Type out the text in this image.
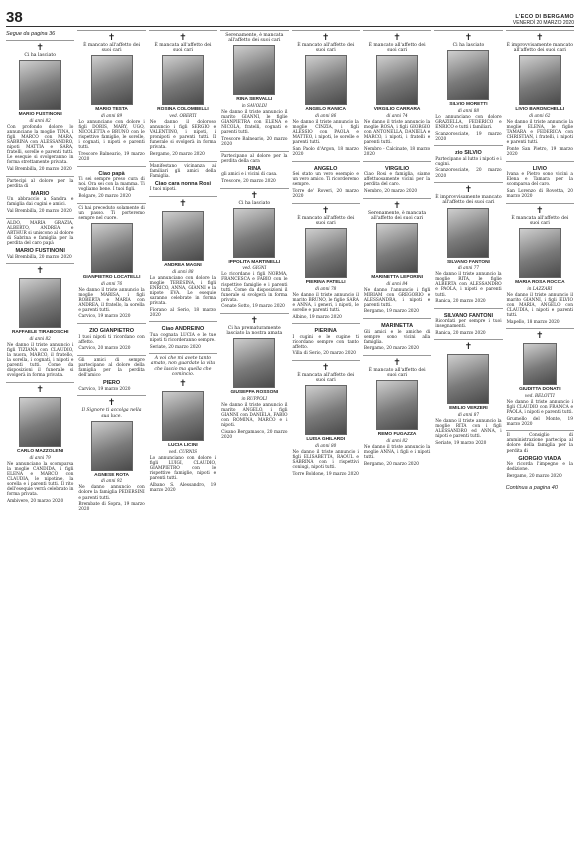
38	L'ECO DI BERGAMO
VENERDÌ 20 MARZO 2020
Segue da pagina 36
✝
Ci ha lasciato
MARIO FUSTINONI
di anni 82

Con profondo dolore lo annunciano la moglie TINA, i figli MARCO con MARA, SABRINA con ALESSANDRO, nipoti MATTIA e SARA, fratelli, sorelle e parenti tutti. Le esequie si svolgeranno in forma strettamente privata.

Val Brembilla, 20 marzo 2020

Partecipi al dolore per la perdita di

MARIO

Un abbraccio a Sandra e famiglia dai cugini e amici.

Val Brembilla, 20 marzo 2020

ALDO, MARIA GRAZIA, ALBERTO, ANDREA e ARTHUR si uniscono al dolore di Sabrina e famiglia per la perdita del caro papà

MARIO FUSTINONI

Val Brembilla, 20 marzo 2020

✝
RAFFAELE TIRABOSCHI
di anni 82

Ne danno il triste annuncio i figli TIZIANA con CLAUDIO, la nuora, MARCO, il fratello, la sorella, i cognati, i nipoti e parenti tutti. Come da disposizioni il funerale si svolgerà in forma privata.

✝
CARLO MAZZOLENI
di anni 79

Ne annunciano la scomparsa la moglie CANDIDA, i figli ELENA e MARCO con CLAUDIA, le nipotine, la sorella e i parenti tutti. Il rito dell'esequie verrà celebrato in forma privata.

Ambivere, 20 marzo 2020

✝
È mancato all'affetto dei suoi cari
MARIO TESTA
di anni 89

Lo annunciano con dolore i figli DORIS, MARY, UGO, NICOLETTA e BRUNO con le rispettive famiglie, le sorelle, i cognati, i nipoti e parenti tutti.

Trescore Balneario, 19 marzo 2020

Ciao papà

Ti sei sempre preso cura di noi. Ora sei con la mamma. Ti vogliamo bene. I tuoi figli.

Bolgare, 20 marzo 2020

Ci hai preceduto solamente di un passo. Ti porteremo sempre nel cuore.

GIANPIETRO LOCATELLI
di anni 76

Ne danno il triste annuncio la moglie MARISA, i figli ROBERTA e MARIA con ANDREA, il fratello, la sorella e parenti tutti.

Carvico, 19 marzo 2020

ZIO GIANPIETRO

I tuoi nipoti ti ricordano con affetto.

Carvico, 20 marzo 2020

Gli amici di sempre partecipano al dolore della famiglia per la perdita dell'amico

PIERO

Carvico, 19 marzo 2020

✝
Il Signore ti accolga nella sua luce.
AGNESE ROTA
di anni 92

Ne danno annuncio con dolore la famiglia PEDERSINI e parenti tutti.

Brembate di Sopra, 19 marzo 2020

✝
È mancata all'affetto dei suoi cari
ROSINA COLOMBELLI
ved. OBERTI

Ne danno il doloroso annuncio i figli SERGIO e VALENTINO, i nipoti, i pronipoti e parenti tutti. Il funerale si svolgerà in forma privata.

Bergamo, 20 marzo 2020

Manifestano vicinanza ai familiari gli amici della Famiglia.

Ciao cara nonna Rosi

I tuoi nipoti.

✝
ANDREA MAGNI
di anni 88

Lo annunciano con dolore la moglie TERESINA, i figli ENRICO, ANNA, GIANNI e la nipote EVA. Le esequie saranno celebrate in forma privata.

Fiorano al Serio, 18 marzo 2020

Ciao ANDREINO

Tua cognata LUCIA e le tue nipoti ti ricorderanno sempre.

Seriate, 20 marzo 2020

A voi che mi avete tanto amato, non guardate la vita che lascio ma quella che comincio.
✝
LUCIA LICINI
ved. CURNIS

Lo annunciano con dolore i figli LUIGI, CLAUDIO, GIAMPIETRO con le rispettive famiglie, nipoti e parenti tutti.

Albano S. Alessandro, 19 marzo 2020

Serenamente, è mancata all'affetto dei suoi cari
RINA SERVALLI
in SAVOLDI

Ne danno il triste annuncio il marito GIANNI, le figlie GIANPIETRA con ELENA e NICOLA, fratelli, cognati e parenti tutti.

Trescore Balneario, 20 marzo 2020

Partecipano al dolore per la perdita della cara

RINA

gli amici e i vicini di casa.

Trescore, 20 marzo 2020

✝
Ci ha lasciato
IPPOLITA MARTINELLI
ved. GIGNI

Lo ricordano i figli NORMA, FRANCESCA e FABIO con le rispettive famiglie e i parenti tutti. Come da disposizioni il funerale si svolgerà in forma privata.

Cenate Sotto, 19 marzo 2020

✝
Ci ha prematuramente lasciato la nostra amata
GIUSEPPA ROSSONI
in RUPPOLI

Ne danno il triste annuncio il marito ANGELO, i figli GIANNI con DANIELA, FABIO con ROMINA, MARCO e i nipoti.

Cisano Bergamasco, 20 marzo 2020

✝
È mancato all'affetto dei suoi cari
ANGELO RANICA
di anni 86

Ne danno il triste annuncio la moglie CINZIA, i figli ALESSIO con PAOLA e MATTEO, i nipoti, le sorelle e parenti tutti.

San Paolo d'Argon, 18 marzo 2020

ANGELO

Sei stato un vero esempio e un vero amico. Ti ricorderemo sempre.

Torre de' Roveri, 20 marzo 2020

✝
È mancato all'affetto dei suoi cari
PIERINA PATELLI
di anni 78

Ne danno il triste annuncio il marito BRUNO, le figlie SARA e ANNA, i generi, i nipoti, le sorelle e parenti tutti.

Albino, 19 marzo 2020

PIERINA

I cugini e le cugine ti ricordano sempre con tanto affetto.

Villa di Serio, 20 marzo 2020

✝
È mancata all'affetto dei suoi cari
LUISA GHILARDI
di anni 80

Ne danno il triste annuncio i figli ELISABETTA, RAOUL e SABRINA con i rispettivi coniugi, nipoti tutti.

Torre Boldone, 19 marzo 2020

✝
È mancato all'affetto dei suoi cari
VIRGILIO CARRARA
di anni 74

Ne danno il triste annuncio la moglie ROSA, i figli GIORGIO con ANTONELLA, DANIELA e MARCO, i nipoti, i fratelli e parenti tutti.

Nembro - Calcinate, 18 marzo 2020

VIRGILIO

Ciao Rosi e famiglia, siamo affettuosamente vicini per la perdita del caro.

Nembro, 20 marzo 2020

✝
Serenamente, è mancata all'affetto dei suoi cari
MARINETTA LEPORINI
di anni 84

Ne danno l'annuncio i figli MIRIAM con GREGORIO e ALESSANDRA, i nipoti e parenti tutti.

Bergamo, 19 marzo 2020

MARINETTA

Gli amici e le amiche di sempre sono vicini alla famiglia.

Bergamo, 20 marzo 2020

✝
È mancato all'affetto dei suoi cari
REMO FUGAZZA
di anni 82

Ne danno il triste annuncio la moglie ANNA, i figli e i nipoti tutti.

Bergamo, 20 marzo 2020

✝
Ci ha lasciato
SILVIO MORETTI
di anni 88

Lo annunciano con dolore GRAZIELLA, FEDERICO e ENRICO e tutti i familiari.

Scanzorosciate, 19 marzo 2020

zio SILVIO

Partecipano al lutto i nipoti e i cugini.

Scanzorosciate, 20 marzo 2020

✝
È improvvisamente mancato all'affetto dei suoi cari
SILVANO FANTONI
di anni 77

Ne danno il triste annuncio la moglie RITA, le figlie ALBERTA con ALESSANDRO e PAOLA, i nipoti e parenti tutti.

Ranica, 20 marzo 2020

SILVANO FANTONI

Ricordati per sempre i tuoi insegnamenti.

Ranica, 20 marzo 2020

✝
EMILIO VERZERI
di anni 87

Ne danno il triste annuncio la moglie RITA con i figli ALESSANDRO ed ANNA, i nipoti e parenti tutti.

Seriate, 19 marzo 2020

✝
È improvvisamente mancato all'affetto dei suoi cari
LIVIO BARONCHELLI
di anni 62

Ne danno il triste annuncio la moglie ELENA, le figlie TAMARA e FEDERICA con CHRISTIAN, i fratelli, i nipoti e parenti tutti.

Ponte San Pietro, 19 marzo 2020

LIVIO

Ivana e Pietro sono vicini a Elena e Tamara per la scomparsa del caro.

San Lorenzo di Rovetta, 20 marzo 2020

✝
È mancata all'affetto dei suoi cari
MARIA ROSA ROCCA
in LAZZARI

Ne danno il triste annuncio il marito GIANNI, i figli ELVIO con MARIA, ANGELO con CLAUDIA, i nipoti e parenti tutti.

Mapello, 18 marzo 2020

✝
GIUDITTA DONATI
ved. BELOTTI

Ne danno il triste annuncio i figli CLAUDIO con FRANCA e PAOLA, i nipoti e parenti tutti.

Grumello del Monte, 19 marzo 2020

Il Consiglio di amministrazione partecipa al dolore della famiglia per la perdita di

GIORGIO VIADA

Ne ricorda l'impegno e la dedizione.

Bergamo, 20 marzo 2020

Continua a pagina 40
